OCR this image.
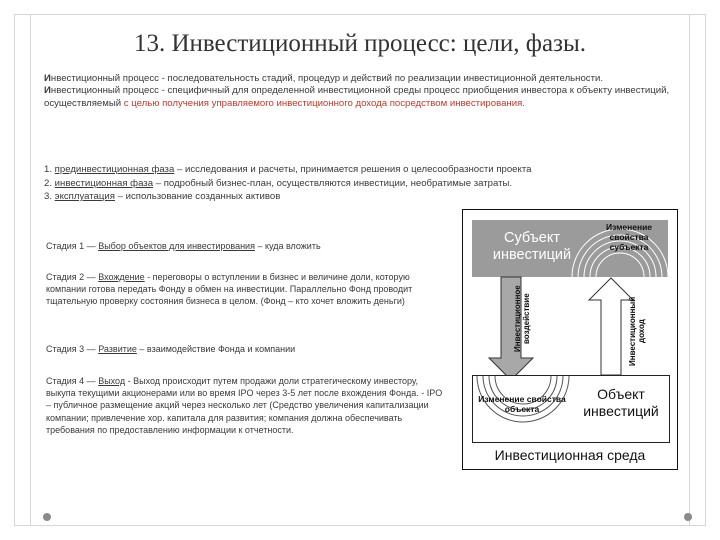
13. Инвестиционный процесс: цели, фазы.

Инвестиционный процесс - последовательность стадий, процедур и действий по реализации инвестиционной деятельности.

Инвестиционный процесс - специфичный для определенной инвестиционной среды процесс приобщения инвестора к объекту инвестиций, осуществляемый с целью получения управляемого инвестиционного дохода посредством инвестирования.

1. прединвестиционная фаза – исследования и расчеты, принимается решения о целесообразности проекта
2. инвестиционная фаза – подробный бизнес-план, осуществляются инвестиции, необратимые затраты.
3. эксплуатация – использование созданных активов
Стадия 1 — Выбор объектов для инвестирования – куда вложить
Стадия 2 — Вхождение - переговоры о вступлении в бизнес и величине доли, которую компании готова передать Фонду в обмен на инвестиции. Параллельно Фонд проводит тщательную проверку состояния бизнеса в целом. (Фонд – кто хочет вложить деньги)
Стадия 3 — Развитие – взаимодействие Фонда и компании
Стадия 4 — Выход - Выход происходит путем продажи доли стратегическому инвестору, выкупа текущими акционерами или во время IPO через 3-5 лет после вхождения Фонда. - IPO – публичное размещение акций через несколько лет (Средство увеличения капитализации компании; привлечение хор. капитала для развития; компания должна обеспечивать требования по предоставлению информации к отчетности.
Субъект инвестиций
Изменение свойства субъекта
Инвестиционное воздействие	Инвестиционный доход
Изменение свойства объекта
Объект инвестиций
Инвестиционная среда
